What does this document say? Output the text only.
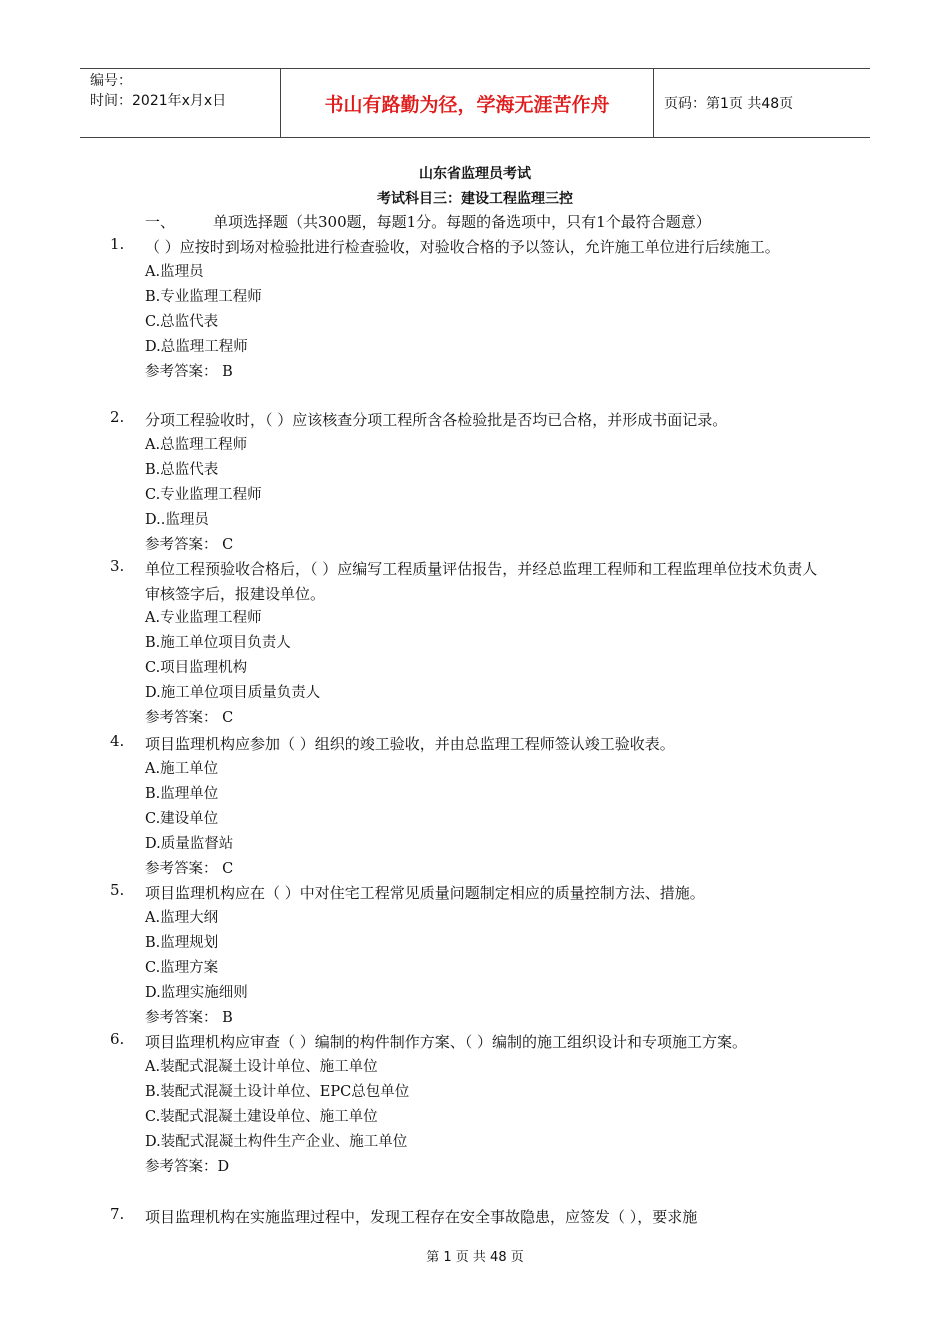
编号：
时间：2021年x月x日	书山有路勤为径，学海无涯苦作舟	页码：第1页 共48页
山东省监理员考试
考试科目三：建设工程监理三控
一、	单项选择题（共300题，每题1分。每题的备选项中，只有1个最符合题意）
1.	（ ）应按时到场对检验批进行检查验收，对验收合格的予以签认，允许施工单位进行后续施工。
A.监理员
B.专业监理工程师
C.总监代表
D.总监理工程师
参考答案： B
2.	分项工程验收时，（ ）应该核查分项工程所含各检验批是否均已合格，并形成书面记录。
A.总监理工程师
B.总监代表
C.专业监理工程师
D..监理员
参考答案： C
3.	单位工程预验收合格后，（ ）应编写工程质量评估报告，并经总监理工程师和工程监理单位技术负责人审核签字后，报建设单位。
A.专业监理工程师
B.施工单位项目负责人
C.项目监理机构
D.施工单位项目质量负责人
参考答案： C
4.	项目监理机构应参加（ ）组织的竣工验收，并由总监理工程师签认竣工验收表。
A.施工单位
B.监理单位
C.建设单位
D.质量监督站
参考答案： C
5.	项目监理机构应在（ ）中对住宅工程常见质量问题制定相应的质量控制方法、措施。
A.监理大纲
B.监理规划
C.监理方案
D.监理实施细则
参考答案： B
6.	项目监理机构应审查（ ）编制的构件制作方案、（ ）编制的施工组织设计和专项施工方案。
A.装配式混凝土设计单位、施工单位
B.装配式混凝土设计单位、EPC总包单位
C.装配式混凝土建设单位、施工单位
D.装配式混凝土构件生产企业、施工单位
参考答案：D
7.	项目监理机构在实施监理过程中，发现工程存在安全事故隐患，应签发（ ），要求施
第 1 页 共 48 页
